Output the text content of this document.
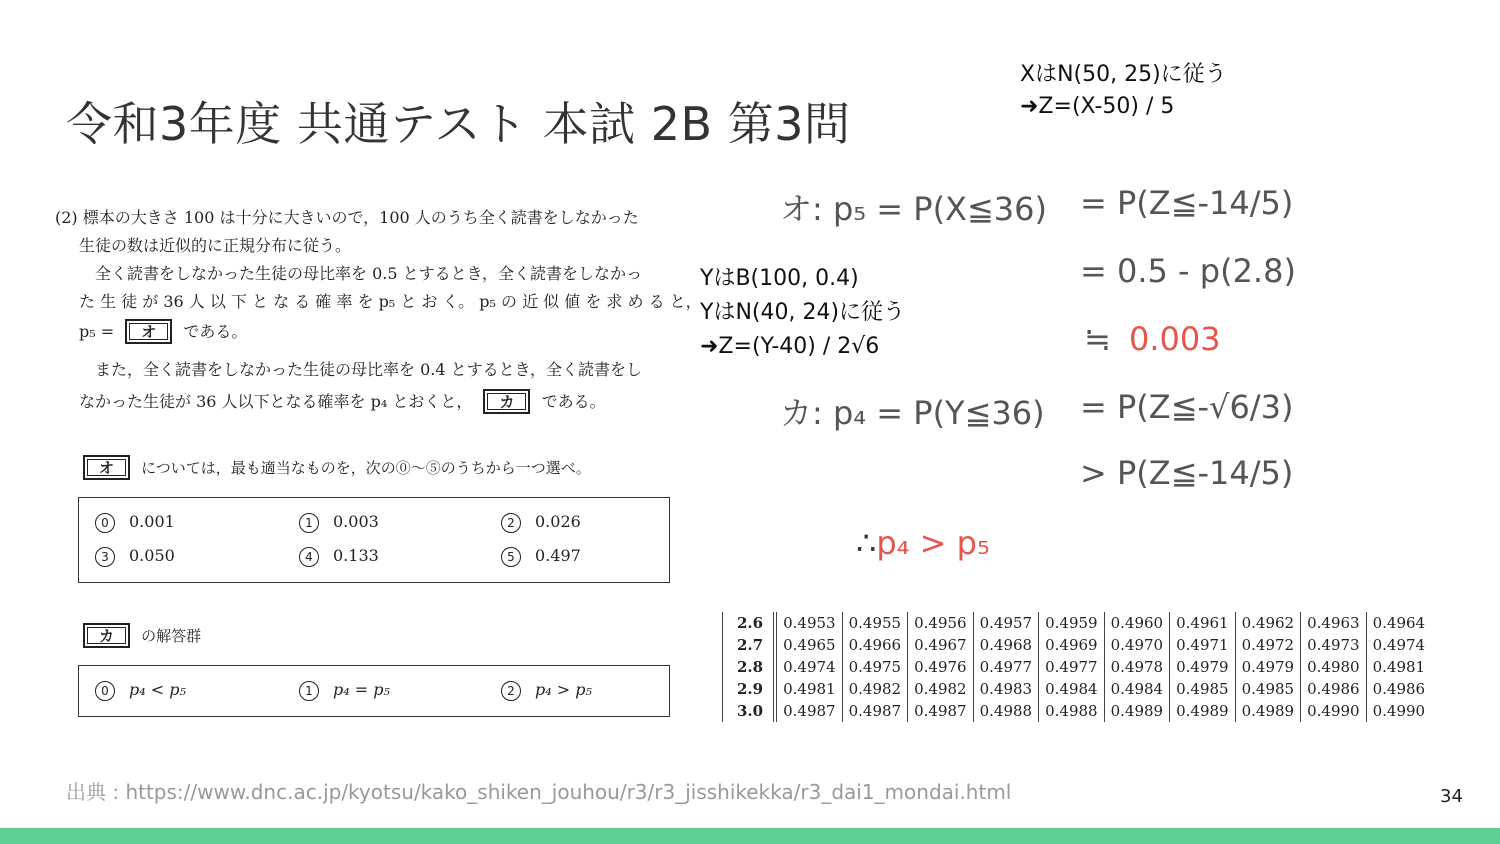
令和3年度 共通テスト 本試 2B 第3問
XはN(50, 25)に従う
➜Z=(X-50) / 5
YはB(100, 0.4)
YはN(40, 24)に従う
➜Z=(Y-40) / 2√6
オ: p₅ = P(X≦36) = P(Z≦-14/5)
= 0.5 - p(2.8)
≒ 0.003
カ: p₄ = P(Y≦36) = P(Z≦-√6/3)
> P(Z≦-14/5)
∴p₄ > p₅
(2) 標本の大きさ 100 は十分に大きいので，100 人のうち全く読書をしなかった
生徒の数は近似的に正規分布に従う。
　全く読書をしなかった生徒の母比率を 0.5 とするとき，全く読書をしなかっ
た 生 徒 が 36 人 以 下 と な る 確 率 を p₅ と お く。 p₅ の 近 似 値 を 求 め る と，
p₅ = オ である。
　また，全く読書をしなかった生徒の母比率を 0.4 とするとき，全く読書をし
なかった生徒が 36 人以下となる確率を p₄ とおくと， カ である。
オ については，最も適当なものを，次の⓪～⑤のうちから一つ選べ。
0 0.001	1 0.003	2 0.026
3 0.050	4 0.133	5 0.497
カ の解答群
0 p₄ < p₅	1 p₄ = p₅	2 p₄ > p₅
2.6	0.4953	0.4955	0.4956	0.4957	0.4959	0.4960	0.4961	0.4962	0.4963	0.4964
2.7	0.4965	0.4966	0.4967	0.4968	0.4969	0.4970	0.4971	0.4972	0.4973	0.4974
2.8	0.4974	0.4975	0.4976	0.4977	0.4977	0.4978	0.4979	0.4979	0.4980	0.4981
2.9	0.4981	0.4982	0.4982	0.4983	0.4984	0.4984	0.4985	0.4985	0.4986	0.4986
3.0	0.4987	0.4987	0.4987	0.4988	0.4988	0.4989	0.4989	0.4989	0.4990	0.4990
出典 : https://www.dnc.ac.jp/kyotsu/kako_shiken_jouhou/r3/r3_jisshikekka/r3_dai1_mondai.html	34
